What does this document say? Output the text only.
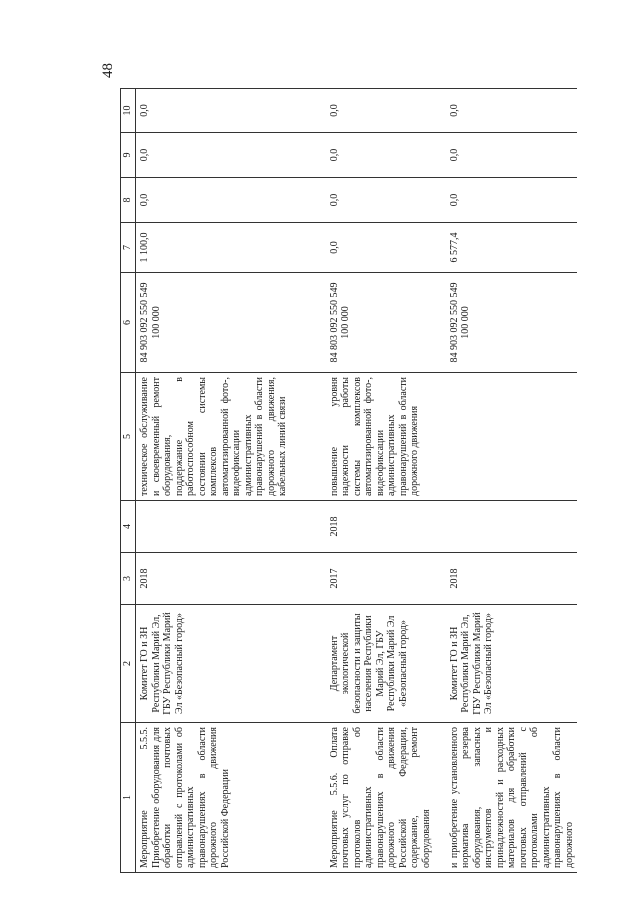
48
1	2	3	4	5	6	7	8	9	10
Мероприятие 5.5.5. Приобретение оборудования для обработки почтовых отправлений с протоколами об административных правонарушениях в области дорожного движения Российской Федерации	Комитет ГО и ЗН Республики Марий Эл, ГБУ Республики Марий Эл «Безопасный город»	2018		техническое обслуживание и своевременный ремонт оборудования, поддержание в работоспособном состоянии системы комплексов автоматизированной фото-, видеофиксации административных правонарушений в области дорожного движения, кабельных линий связи	84 903 092 550 549 100 000	1 100,0	0,0	0,0	0,0
Мероприятие 5.5.6. Оплата почтовых услуг по отправке протоколов об административных правонарушениях в области дорожного движения Российской Федерации, содержание, ремонт оборудования	Департамент экологической безопасности и защиты населения Республики Марий Эл, ГБУ Республики Марий Эл «Безопасный город»	2017	2018	повышение уровня надежности работы системы комплексов автоматизированной фото-, видеофиксации административных правонарушений в области дорожного движения	84 803 092 550 549 100 000	0,0	0,0	0,0	0,0
и приобретение установленного норматива резерва оборудования, запасных инструментов и принадлежностей и расходных материалов для обработки почтовых отправлений с протоколами об административных правонарушениях в области дорожного	Комитет ГО и ЗН Республики Марий Эл, ГБУ Республики Марий Эл «Безопасный город»	2018			84 903 092 550 549 100 000	6 577,4	0,0	0,0	0,0
